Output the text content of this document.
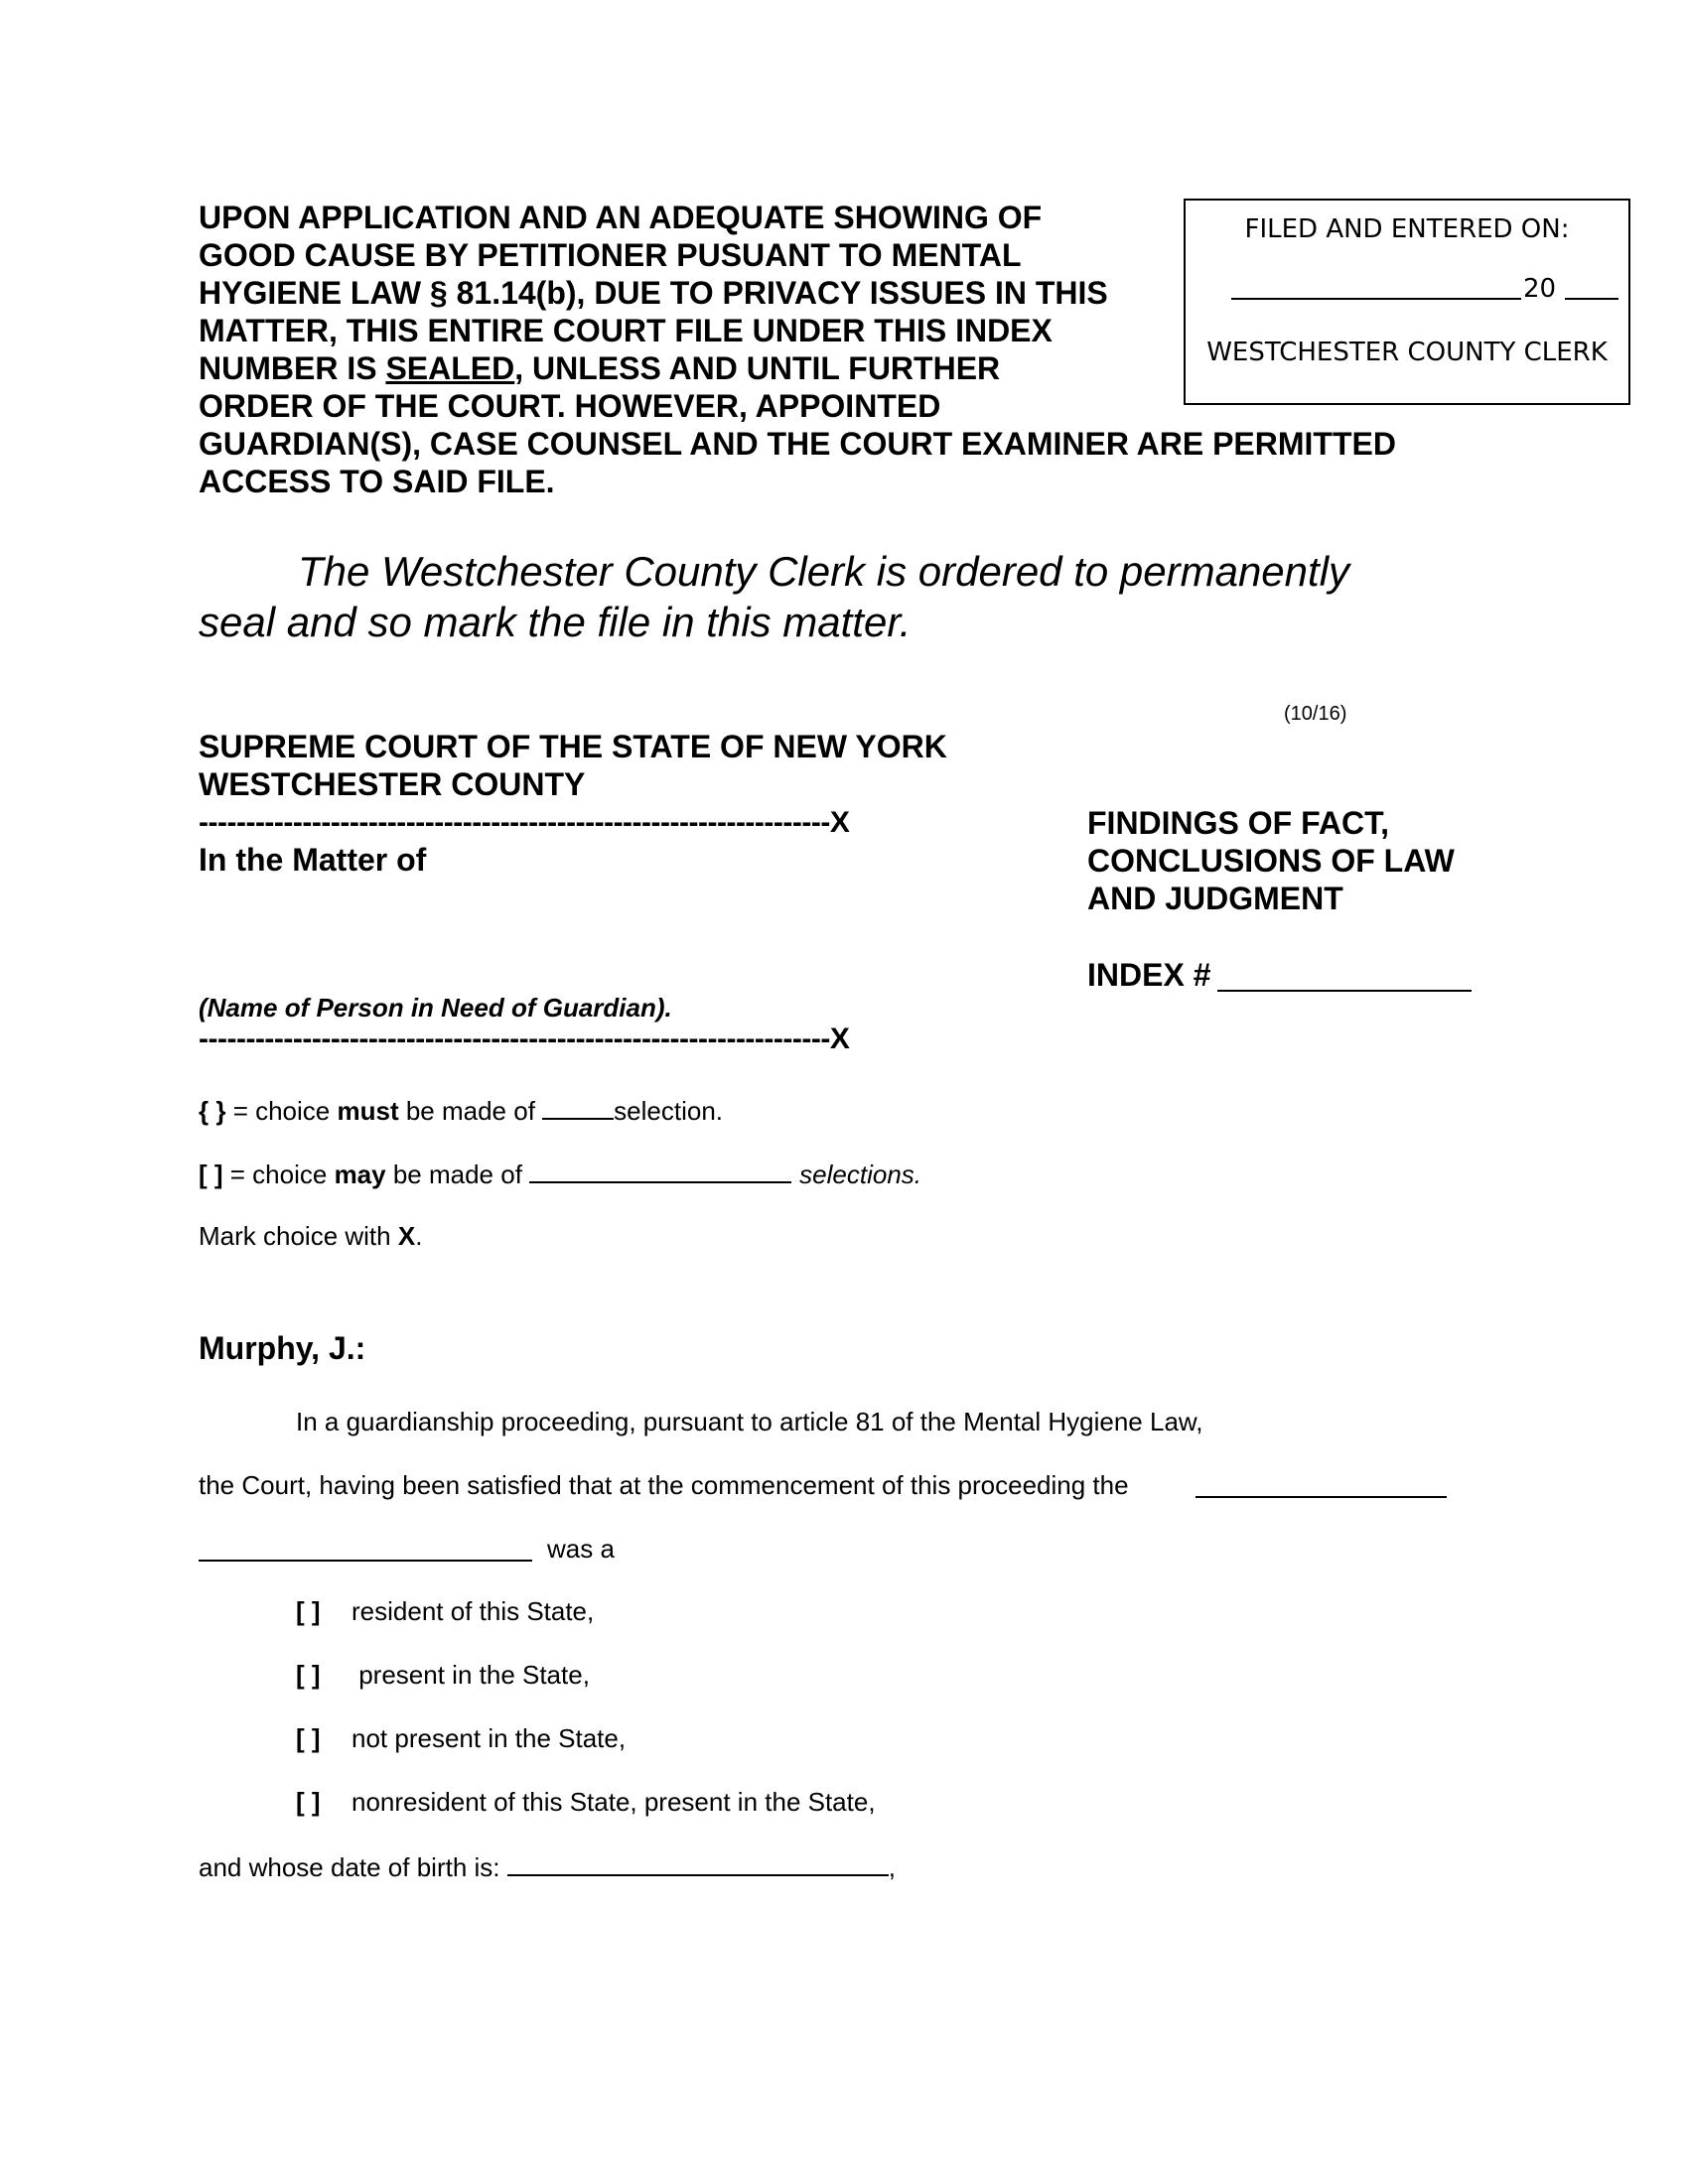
UPON APPLICATION AND AN ADEQUATE SHOWING OF
GOOD CAUSE BY PETITIONER PUSUANT TO MENTAL
HYGIENE LAW § 81.14(b), DUE TO PRIVACY ISSUES IN THIS
MATTER, THIS ENTIRE COURT FILE UNDER THIS INDEX
NUMBER IS SEALED, UNLESS AND UNTIL FURTHER
ORDER OF THE COURT. HOWEVER, APPOINTED
GUARDIAN(S), CASE COUNSEL AND THE COURT EXAMINER ARE PERMITTED
ACCESS TO SAID FILE.
FILED AND ENTERED ON:
20
WESTCHESTER COUNTY CLERK
The Westchester County Clerk is ordered to permanently
seal and so mark the file in this matter.
(10/16)
SUPREME COURT OF THE STATE OF NEW YORK
WESTCHESTER COUNTY
-------------------------------------------------------------------X
In the Matter of
(Name of Person in Need of Guardian).
-------------------------------------------------------------------X
FINDINGS OF FACT,
CONCLUSIONS OF LAW
AND JUDGMENT
INDEX #
{ } = choice must be made of	selection.
[ ] = choice may be made of	selections.
Mark choice with X.
Murphy, J.:
In a guardianship proceeding, pursuant to article 81 of the Mental Hygiene Law,
the Court, having been satisfied that at the commencement of this proceeding the
was a
[ ] resident of this State,
[ ] present in the State,
[ ] not present in the State,
[ ] nonresident of this State, present in the State,
and whose date of birth is:	,
